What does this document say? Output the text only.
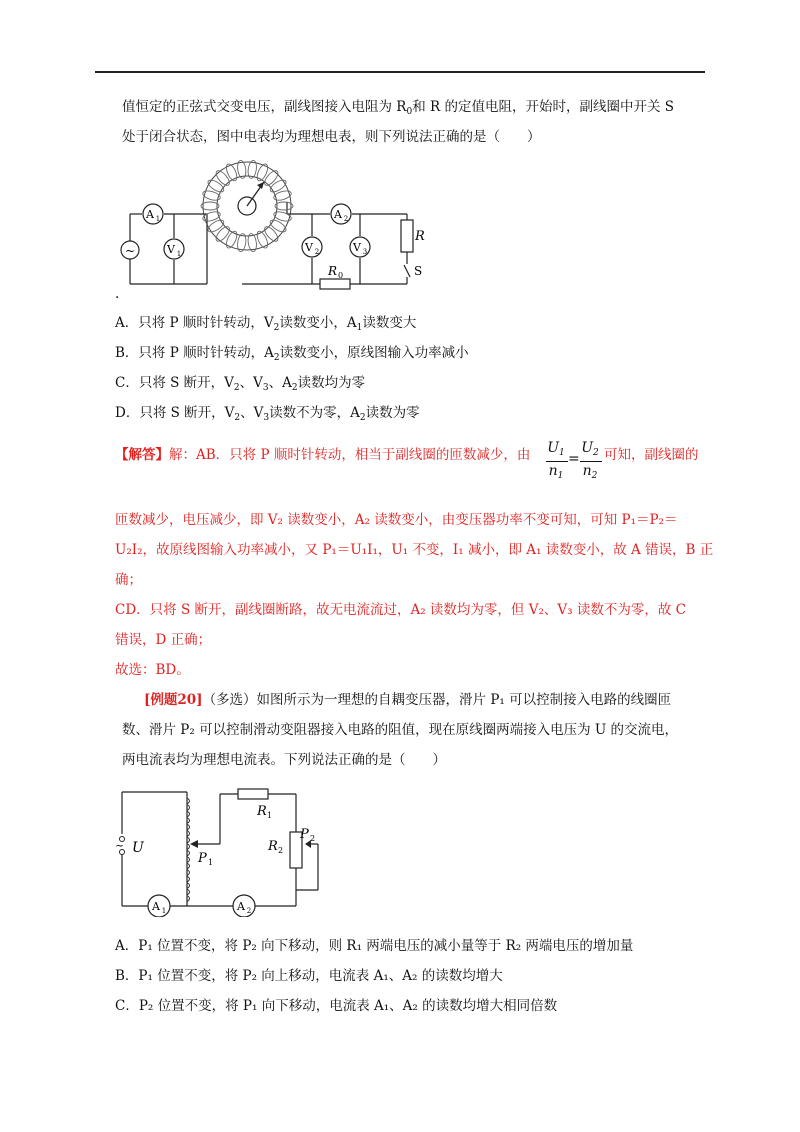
值恒定的正弦式交变电压，副线图接入电阻为 $R_0$和 R 的定值电阻，开始时，副线圈中开关 S
处于闭合状态，图中电表均为理想电表，则下列说法正确的是（　　）
~
A 1	A 2
V 1	V 2	V 3
R
R 0	S
.
A．只将 P 顺时针转动，$V_2$读数变小，$A_1$读数变大
B．只将 P 顺时针转动，$A_2$读数变小，原线图输入功率减小
C．只将 S 断开，$V_2$、$V_3$、$A_2$读数均为零
D．只将 S 断开，$V_2$、$V_3$读数不为零，$A_2$读数为零
【解答】解：AB．只将 P 顺时针转动，相当于副线圈的匝数减少，由 $U_1$
$n_1$
=
$U_2$
$n_2$
可知，副线圈的
匝数减少，电压减少，即 V₂ 读数变小，A₂ 读数变小，由变压器功率不变可知，可知 P₁＝P₂＝
U₂I₂，故原线图输入功率减小，又 P₁＝U₁I₁，U₁ 不变，I₁ 减小，即 A₁ 读数变小，故 A 错误，B 正
确；
CD．只将 S 断开，副线圈断路，故无电流流过，A₂ 读数均为零，但 V₂、V₃ 读数不为零，故 C
错误，D 正确；
故选：BD。
[例题20]（多选）如图所示为一理想的自耦变压器，滑片 P₁ 可以控制接入电路的线圈匝
数、滑片 P₂ 可以控制滑动变阻器接入电路的阻值，现在原线圈两端接入电压为 U 的交流电，
两电流表均为理想电流表。下列说法正确的是（　　）
~ U
R 1
R 2
P 2
P 1
A 1	A 2
A．P₁ 位置不变，将 P₂ 向下移动，则 R₁ 两端电压的减小量等于 R₂ 两端电压的增加量
B．P₁ 位置不变，将 P₂ 向上移动，电流表 A₁、A₂ 的读数均增大
C．P₂ 位置不变，将 P₁ 向下移动，电流表 A₁、A₂ 的读数均增大相同倍数
